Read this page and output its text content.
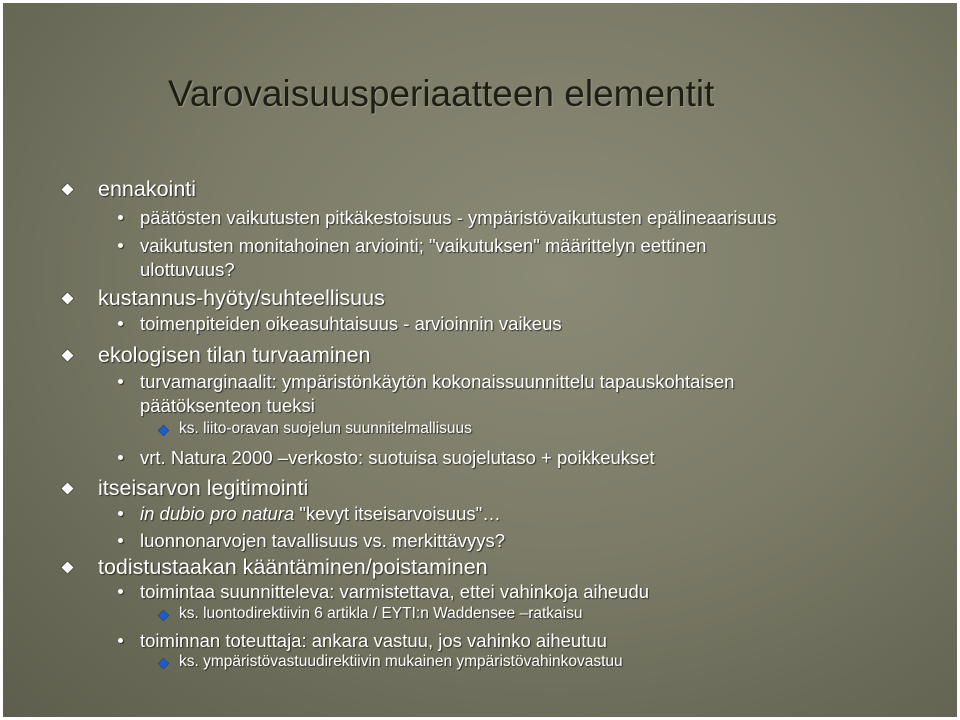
Varovaisuusperiaatteen elementit
ennakointi
päätösten vaikutusten pitkäkestoisuus - ympäristövaikutusten epälineaarisuus
vaikutusten monitahoinen arviointi; "vaikutuksen" määrittelyn eettinen
ulottuvuus?
kustannus-hyöty/suhteellisuus
toimenpiteiden oikeasuhtaisuus - arvioinnin vaikeus
ekologisen tilan turvaaminen
turvamarginaalit: ympäristönkäytön kokonaissuunnittelu tapauskohtaisen
päätöksenteon tueksi
ks. liito-oravan suojelun suunnitelmallisuus
vrt. Natura 2000 –verkosto: suotuisa suojelutaso + poikkeukset
itseisarvon legitimointi
in dubio pro natura "kevyt itseisarvoisuus"…
luonnonarvojen tavallisuus vs. merkittävyys?
todistustaakan kääntäminen/poistaminen
toimintaa suunnitteleva: varmistettava, ettei vahinkoja aiheudu
ks. luontodirektiivin 6 artikla / EYTI:n Waddensee –ratkaisu
toiminnan toteuttaja: ankara vastuu, jos vahinko aiheutuu
ks. ympäristövastuudirektiivin mukainen ympäristövahinkovastuu
